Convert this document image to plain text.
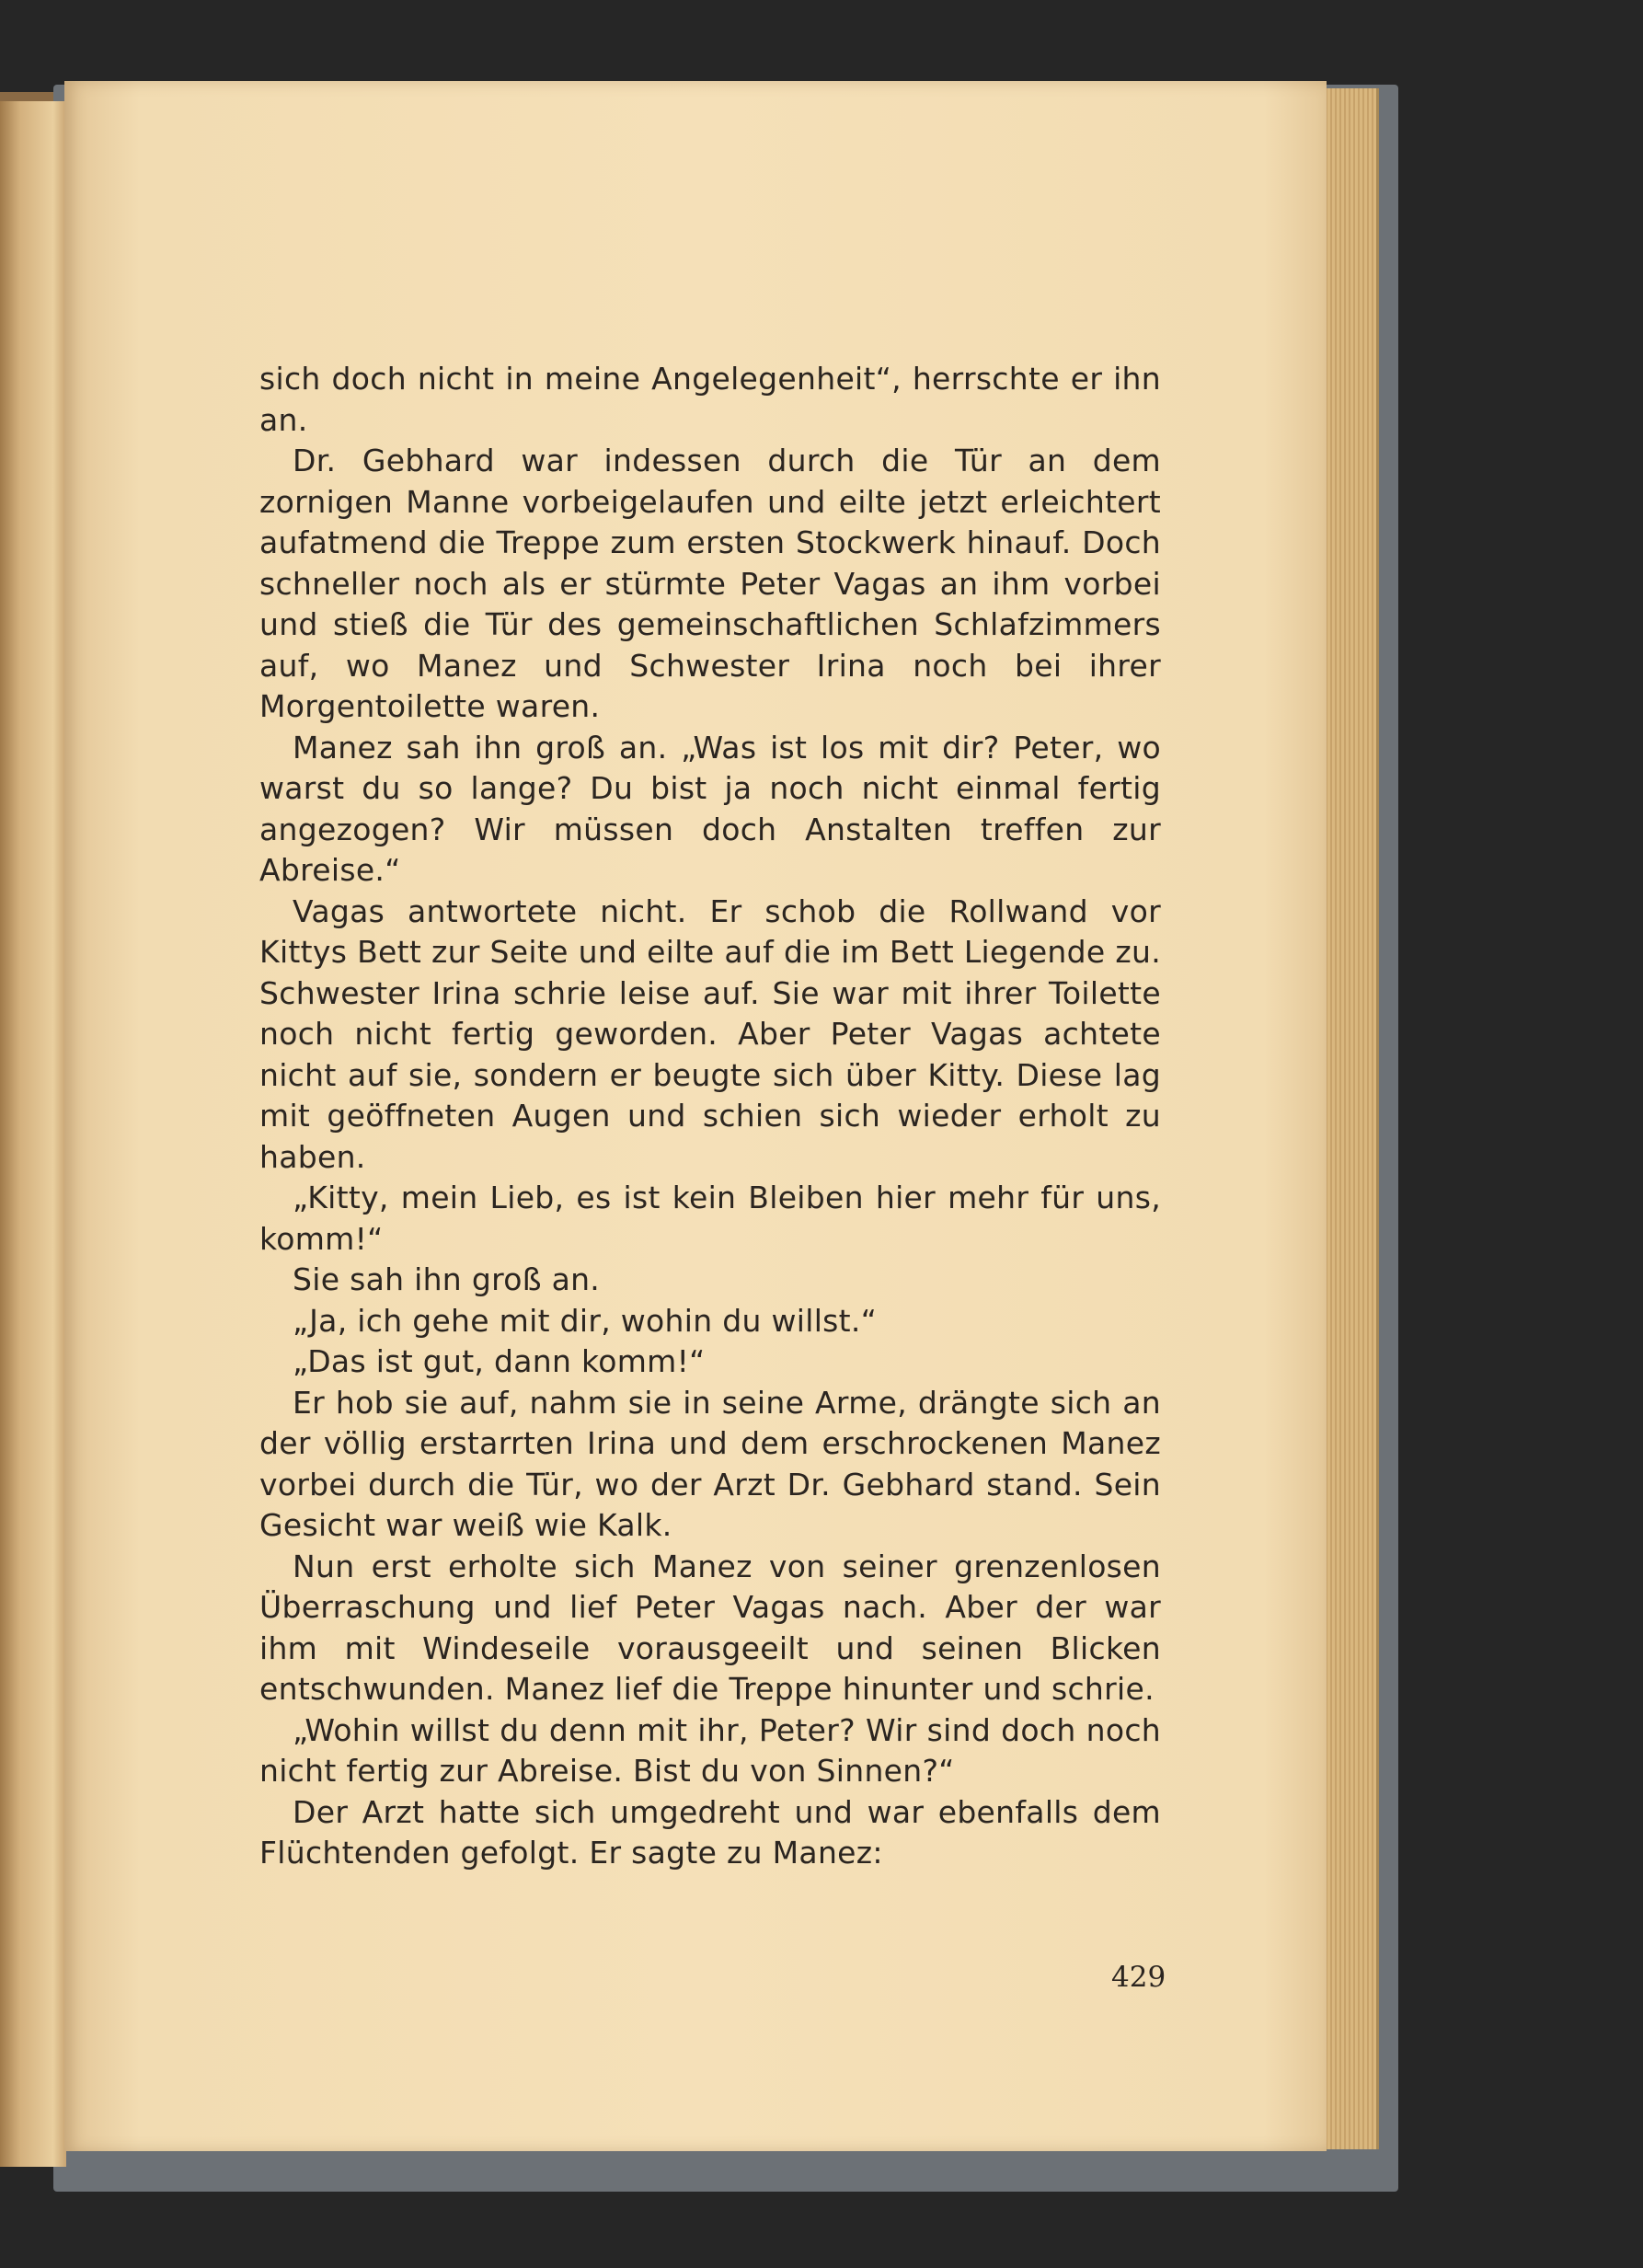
sich doch nicht in meine Angelegenheit“, herrschte er ihn an.

Dr. Gebhard war indessen durch die Tür an dem zornigen Manne vorbeigelaufen und eilte jetzt erleichtert aufatmend die Treppe zum ersten Stockwerk hinauf. Doch schneller noch als er stürmte Peter Vagas an ihm vorbei und stieß die Tür des gemeinschaftlichen Schlafzimmers auf, wo Manez und Schwester Irina noch bei ihrer Morgentoilette waren.

Manez sah ihn groß an. „Was ist los mit dir? Peter, wo warst du so lange? Du bist ja noch nicht einmal fertig angezogen? Wir müssen doch Anstalten treffen zur Abreise.“

Vagas antwortete nicht. Er schob die Rollwand vor Kittys Bett zur Seite und eilte auf die im Bett Liegende zu. Schwester Irina schrie leise auf. Sie war mit ihrer Toilette noch nicht fertig geworden. Aber Peter Vagas achtete nicht auf sie, sondern er beugte sich über Kitty. Diese lag mit geöffneten Augen und schien sich wieder erholt zu haben.

„Kitty, mein Lieb, es ist kein Bleiben hier mehr für uns, komm!“

Sie sah ihn groß an.

„Ja, ich gehe mit dir, wohin du willst.“

„Das ist gut, dann komm!“

Er hob sie auf, nahm sie in seine Arme, drängte sich an der völlig erstarrten Irina und dem erschrockenen Manez vorbei durch die Tür, wo der Arzt Dr. Gebhard stand. Sein Gesicht war weiß wie Kalk.

Nun erst erholte sich Manez von seiner grenzenlosen Überraschung und lief Peter Vagas nach. Aber der war ihm mit Windeseile vorausgeeilt und seinen Blicken entschwunden. Manez lief die Treppe hinunter und schrie.

„Wohin willst du denn mit ihr, Peter? Wir sind doch noch nicht fertig zur Abreise. Bist du von Sinnen?“

Der Arzt hatte sich umgedreht und war ebenfalls dem Flüchtenden gefolgt. Er sagte zu Manez:

429
